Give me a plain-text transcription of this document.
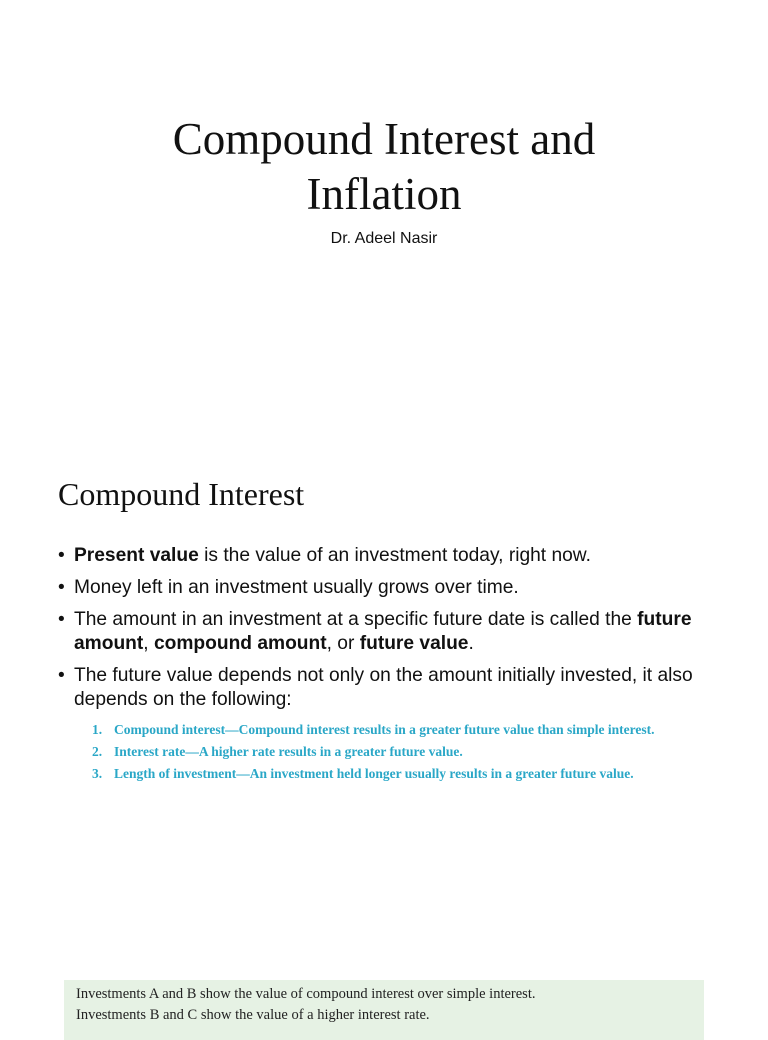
Compound Interest and
Inflation
Dr. Adeel Nasir
Compound Interest
• Present value is the value of an investment today, right now.
• Money left in an investment usually grows over time.
• The amount in an investment at a specific future date is called the future amount, compound amount, or future value.
• The future value depends not only on the amount initially invested, it also depends on the following:
1. Compound interest—Compound interest results in a greater future value than simple interest.
2. Interest rate—A higher rate results in a greater future value.
3. Length of investment—An investment held longer usually results in a greater future value.
Investments A and B show the value of compound interest over simple interest.
Investments B and C show the value of a higher interest rate.
